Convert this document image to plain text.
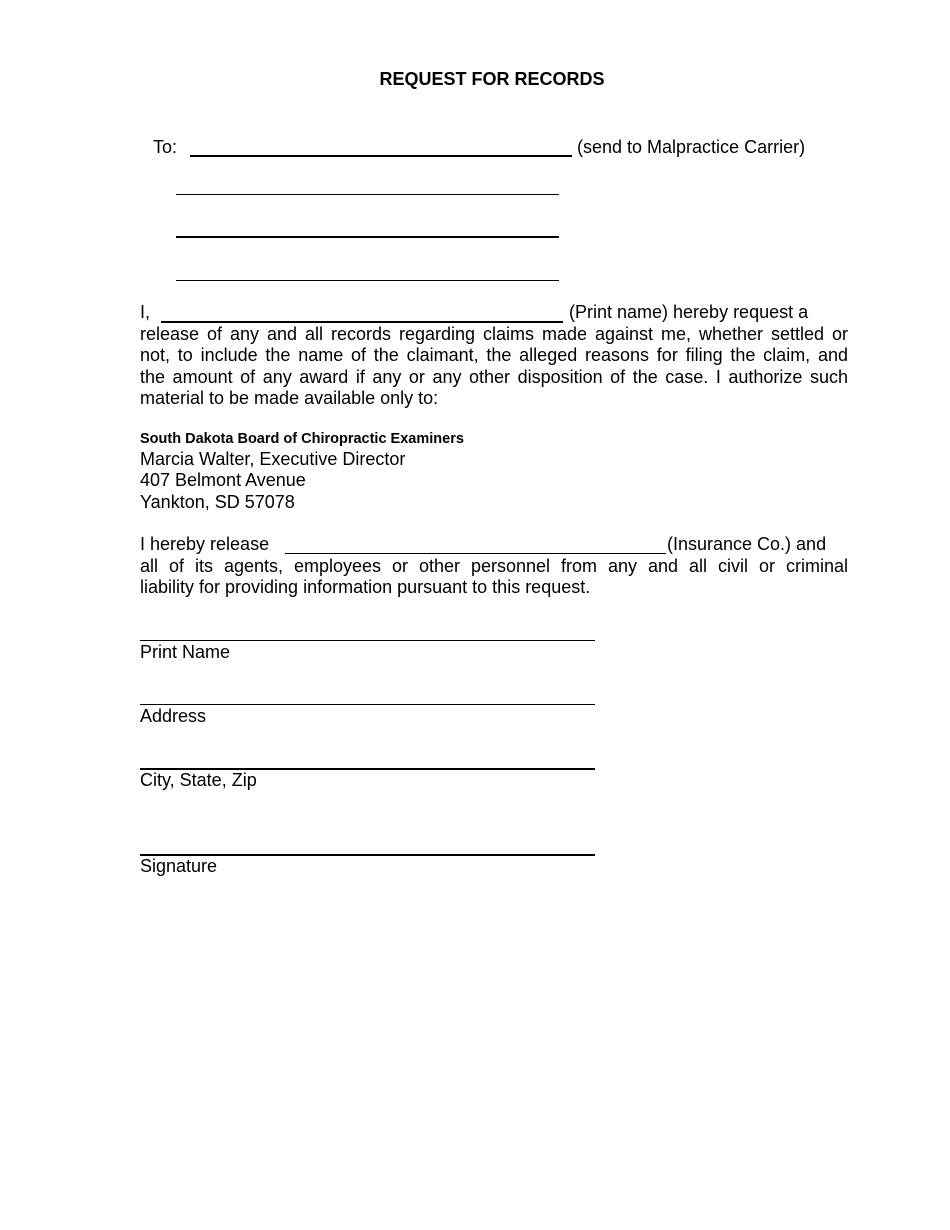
REQUEST FOR RECORDS
To:	(send to Malpractice Carrier)
I,	(Print name) hereby request a
release of any and all records regarding claims made against me, whether settled or
not, to include the name of the claimant, the alleged reasons for filing the claim, and
the amount of any award if any or any other disposition of the case. I authorize such
material to be made available only to:
South Dakota Board of Chiropractic Examiners
Marcia Walter, Executive Director
407 Belmont Avenue
Yankton, SD 57078
I hereby release	(Insurance Co.) and
all of its agents, employees or other personnel from any and all civil or criminal
liability for providing information pursuant to this request.
Print Name
Address
City, State, Zip
Signature
